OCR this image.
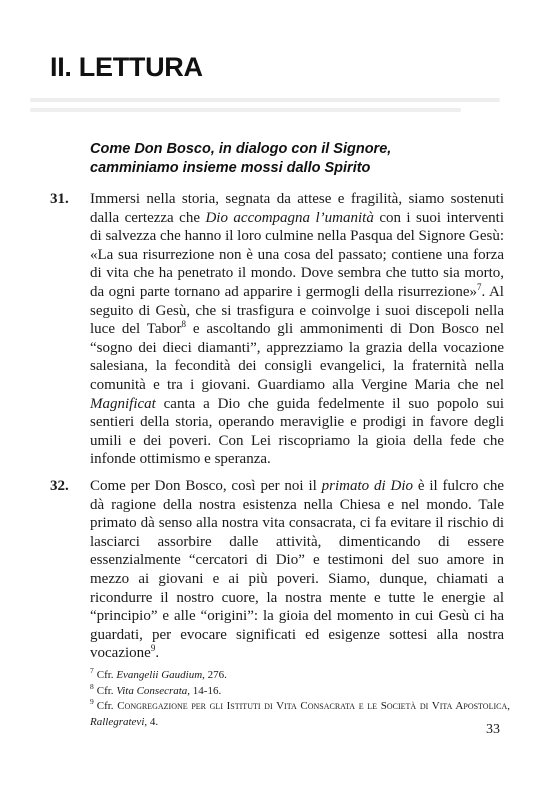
II. LETTURA
Come Don Bosco, in dialogo con il Signore,
camminiamo insieme mossi dallo Spirito
31.	Immersi nella storia, segnata da attese e fragilità, siamo sostenuti dalla certezza che Dio accompagna l’umanità con i suoi interventi di salvezza che hanno il loro culmine nella Pasqua del Signore Gesù: «La sua risurrezione non è una cosa del passato; contiene una forza di vita che ha penetrato il mondo. Dove sembra che tutto sia morto, da ogni parte tornano ad apparire i germogli della risurrezione»$^7$. Al seguito di Gesù, che si trasfigura e coinvolge i suoi discepoli nella luce del Tabor$^8$ e ascoltando gli ammonimenti di Don Bosco nel “sogno dei dieci diamanti”, apprezziamo la grazia della vocazione salesiana, la fecondità dei consigli evangelici, la fraternità nella comunità e tra i giovani. Guardiamo alla Vergine Maria che nel Magnificat canta a Dio che guida fedelmente il suo popolo sui sentieri della storia, operando meraviglie e prodigi in favore degli umili e dei poveri. Con Lei riscopriamo la gioia della fede che infonde ottimismo e speranza.
32.	Come per Don Bosco, così per noi il primato di Dio è il fulcro che dà ragione della nostra esistenza nella Chiesa e nel mondo. Tale primato dà senso alla nostra vita consacrata, ci fa evitare il rischio di lasciarci assorbire dalle attività, dimenticando di essere essenzialmente “cercatori di Dio” e testimoni del suo amore in mezzo ai giovani e ai più poveri. Siamo, dunque, chiamati a ricondurre il nostro cuore, la nostra mente e tutte le energie al “principio” e alle “origini”: la gioia del momento in cui Gesù ci ha guardati, per evocare significati ed esigenze sottesi alla nostra vocazione$^9$.
$^7$ Cfr. Evangelii Gaudium, 276.
$^8$ Cfr. Vita Consecrata, 14-16.
$^9$ Cfr. Congregazione per gli Istituti di Vita Consacrata e le Società di Vita Apostolica, Rallegratevi, 4.
33
